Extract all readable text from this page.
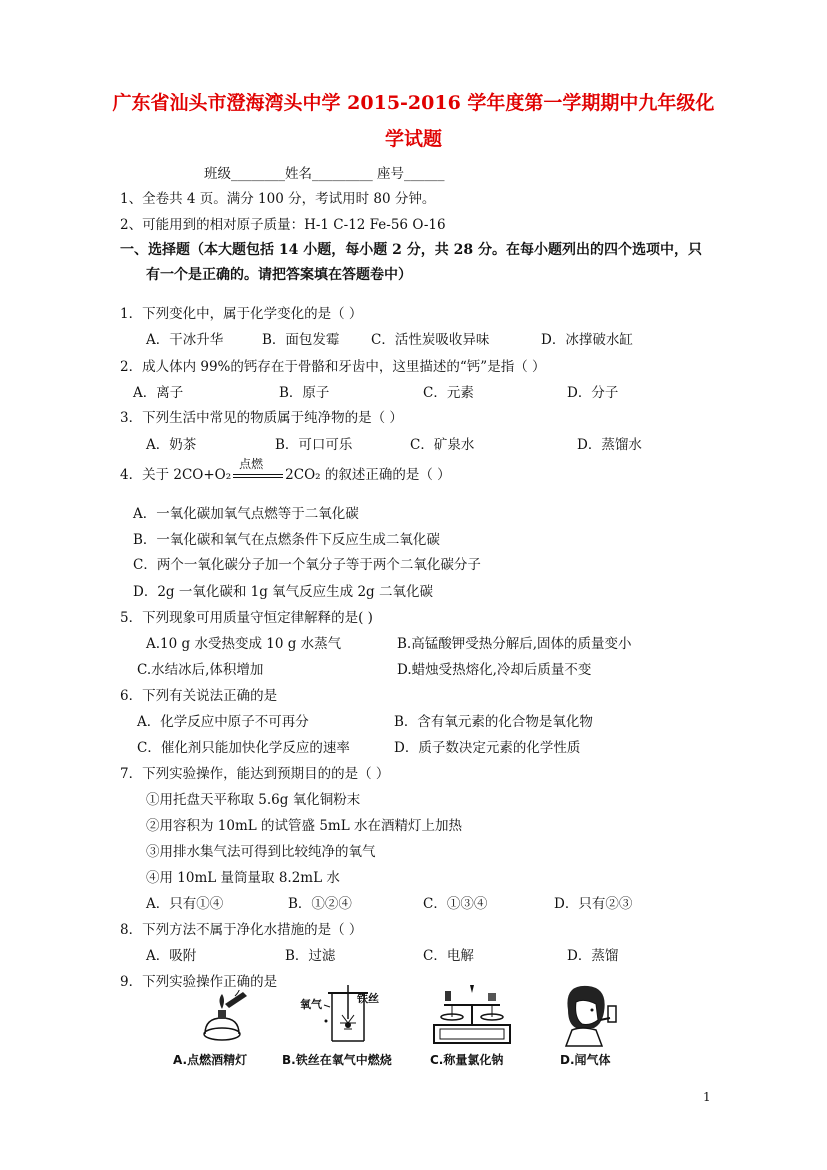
广东省汕头市澄海湾头中学 2015-2016 学年度第一学期期中九年级化
学试题
班级________姓名_________ 座号______
1、全卷共 4 页。满分 100 分，考试用时 80 分钟。
2、可能用到的相对原子质量：H-1 C-12 Fe-56 O-16
一、选择题（本大题包括 14 小题，每小题 2 分，共 28 分。在每小题列出的四个选项中，只
有一个是正确的。请把答案填在答题卷中）
1．下列变化中，属于化学变化的是（ ）
A．干冰升华	B．面包发霉 C．活性炭吸收异味	D．冰撑破水缸
2．成人体内 99%的钙存在于骨骼和牙齿中，这里描述的“钙”是指（ ）
A．离子	B．原子	C．元素	D．分子
3．下列生活中常见的物质属于纯净物的是（ ）
A．奶茶	B．可口可乐	C．矿泉水	D．蒸馏水
4．关于 2CO+O₂
点燃
2CO₂ 的叙述正确的是（ ）
A．一氧化碳加氧气点燃等于二氧化碳
B．一氧化碳和氧气在点燃条件下反应生成二氧化碳
C．两个一氧化碳分子加一个氧分子等于两个二氧化碳分子
D．2g 一氧化碳和 1g 氧气反应生成 2g 二氧化碳
5．下列现象可用质量守恒定律解释的是( )
A.10 g 水受热变成 10 g 水蒸气	B.高锰酸钾受热分解后,固体的质量变小
C.水结冰后,体积增加	D.蜡烛受热熔化,冷却后质量不变
6．下列有关说法正确的是
A．化学反应中原子不可再分	B．含有氧元素的化合物是氧化物
C．催化剂只能加快化学反应的速率	D．质子数决定元素的化学性质
7．下列实验操作，能达到预期目的的是（ ）
①用托盘天平称取 5.6g 氧化铜粉末
②用容积为 10mL 的试管盛 5mL 水在酒精灯上加热
③用排水集气法可得到比较纯净的氧气
④用 10mL 量筒量取 8.2mL 水
A．只有①④	B．①②④	C．①③④	D．只有②③
8．下列方法不属于净化水措施的是（ ）
A．吸附	B．过滤	C．电解	D．蒸馏
9．下列实验操作正确的是
氧气	铁丝
A.点燃酒精灯	B.铁丝在氧气中燃烧	C.称量氯化钠	D.闻气体
1
